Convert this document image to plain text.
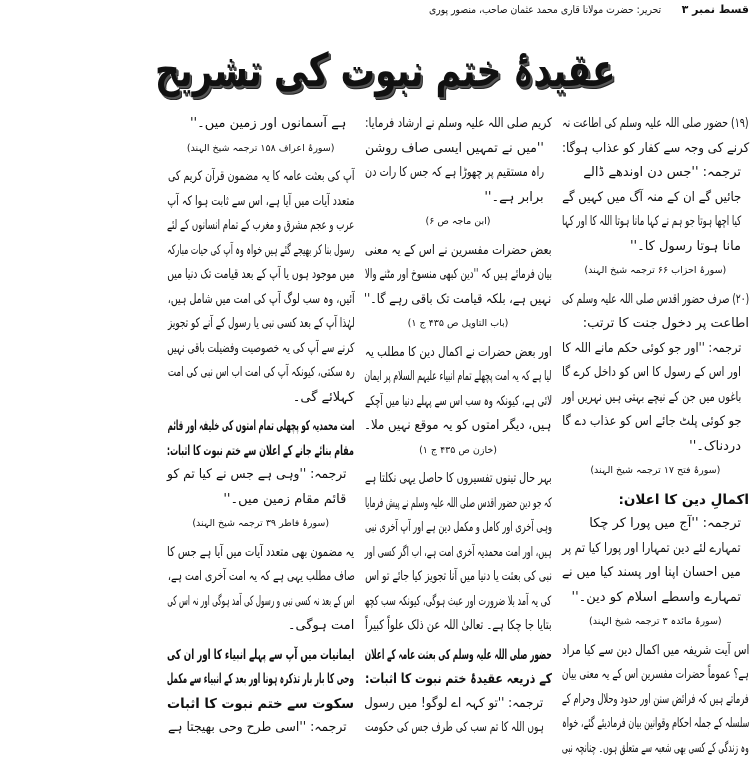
قسط نمبر ۳
تحریر: حضرت مولانا قاری محمد عثمان صاحب، منصور پوری
عقیدۂ ختم نبوت کی تشریح
(۱۹) حضور صلی اللہ علیہ وسلم کی اطاعت نہ
کرنے کی وجہ سے کفار کو عذاب ہوگا:
ترجمہ: ''جس دن اوندھے ڈالے
جائیں گے ان کے منہ آگ میں کہیں گے
کیا اچھا ہوتا جو ہم نے کہا مانا ہوتا اللہ کا اور کہا
مانا ہوتا رسول کا۔''
(سورۂ احزاب ۶۶ ترجمہ شیخ الہند)
(۲۰) صرف حضور اقدس صلی اللہ علیہ وسلم کی
اطاعت پر دخول جنت کا ترتب:
ترجمہ: ''اور جو کوئی حکم مانے اللہ کا
اور اس کے رسول کا اس کو داخل کرے گا
باغوں میں جن کے نیچے بہتی ہیں نہریں اور
جو کوئی پلٹ جائے اس کو عذاب دے گا
دردناک۔''
(سورۂ فتح ۱۷ ترجمہ شیخ الہند)
اکمالِ دین کا اعلان:
ترجمہ: ''آج میں پورا کر چکا
تمہارے لئے دین تمہارا اور پورا کیا تم پر
میں احسان اپنا اور پسند کیا میں نے
تمہارے واسطے اسلام کو دین۔''
(سورۂ مائدہ ۳ ترجمہ شیخ الہند)
اس آیت شریفہ میں اکمال دین سے کیا مراد
ہے؟ عموماً حضرات مفسرین اس کے یہ معنی بیان
فرماتے ہیں کہ فرائض سنن اور حدود وحلال وحرام کے
سلسلہ کے جملہ احکام وقوانین بیان فرمادیئے گئے، خواہ
وہ زندگی کے کسی بھی شعبہ سے متعلق ہوں۔ چنانچہ نبی
کریم صلی اللہ علیہ وسلم نے ارشاد فرمایا:
''میں نے تمہیں ایسی صاف روشن
راہ مستقیم پر چھوڑا ہے کہ جس کا رات دن
برابر ہے۔''
(ابن ماجہ ص ۶)
بعض حضرات مفسرین نے اس کے یہ معنی
بیان فرمائے ہیں کہ ''دین کبھی منسوخ اور مٹنے والا
نہیں ہے، بلکہ قیامت تک باقی رہے گا۔''
(باب التاویل ص ۴۳۵ ج ۱)
اور بعض حضرات نے اکمال دین کا مطلب یہ
لیا ہے کہ یہ امت پچھلے تمام انبیاء علیہم السلام پر ایمان
لائی ہے، کیونکہ وہ سب اس سے پہلے دنیا میں آچکے
ہیں، دیگر امتوں کو یہ موقع نہیں ملا۔
(خازن ص ۴۳۵ ج ۱)
بہر حال تینوں تفسیروں کا حاصل یہی نکلتا ہے
کہ جو دین حضور اقدس صلی اللہ علیہ وسلم نے پیش فرمایا
وہی آخری اور کامل و مکمل دین ہے اور آپ آخری نبی
ہیں، اور امت محمدیہ آخری امت ہے، اب اگر کسی اور
نبی کی بعثت یا دنیا میں آنا تجویز کیا جائے تو اس
کی یہ آمد بلا ضرورت اور عبث ہوگی، کیونکہ سب کچھ
بتایا جا چکا ہے۔ تعالیٰ اللہ عن ذلک علواً کبیراً
حضور صلی اللہ علیہ وسلم کی بعثت عامہ کے اعلان
کے ذریعہ عقیدۂ ختم نبوت کا اثبات:
ترجمہ: ''تو کہہ اے لوگو! میں رسول
ہوں اللہ کا تم سب کی طرف جس کی حکومت
ہے آسمانوں اور زمین میں۔''
(سورۂ اعراف ۱۵۸ ترجمہ شیخ الہند)
آپ کی بعثت عامہ کا یہ مضمون قرآن کریم کی
متعدد آیات میں آیا ہے، اس سے ثابت ہوا کہ آپ
عرب و عجم مشرق و مغرب کے تمام انسانوں کے لئے
رسول بنا کر بھیجے گئے ہیں خواہ وہ آپ کی حیات مبارکہ
میں موجود ہوں یا آپ کے بعد قیامت تک دنیا میں
آئیں، وہ سب لوگ آپ کی امت میں شامل ہیں،
لہٰذا آپ کے بعد کسی نبی یا رسول کے آنے کو تجویز
کرنے سے آپ کی یہ خصوصیت وفضیلت باقی نہیں
رہ سکتی، کیونکہ آپ کی امت اب اس نبی کی امت
کہلائے گی۔
امت محمدیہ کو پچھلی تمام امتوں کی خلیفہ اور قائم
مقام بنائے جانے کے اعلان سے ختم نبوت کا اثبات:
ترجمہ: ''وہی ہے جس نے کیا تم کو
قائم مقام زمین میں۔''
(سورۂ فاطر ۳۹ ترجمہ شیخ الہند)
یہ مضمون بھی متعدد آیات میں آیا ہے جس کا
صاف مطلب یہی ہے کہ یہ امت آخری امت ہے،
اس کے بعد نہ کسی نبی و رسول کی آمد ہوگی اور نہ اس کی
امت ہوگی۔
ایمانیات میں آپ سے پہلے انبیاء کا اور ان کی
وحی کا بار بار تذکرہ ہونا اور بعد کے انبیاء سے مکمل
سکوت سے ختم نبوت کا اثبات
ترجمہ: ''اسی طرح وحی بھیجتا ہے
